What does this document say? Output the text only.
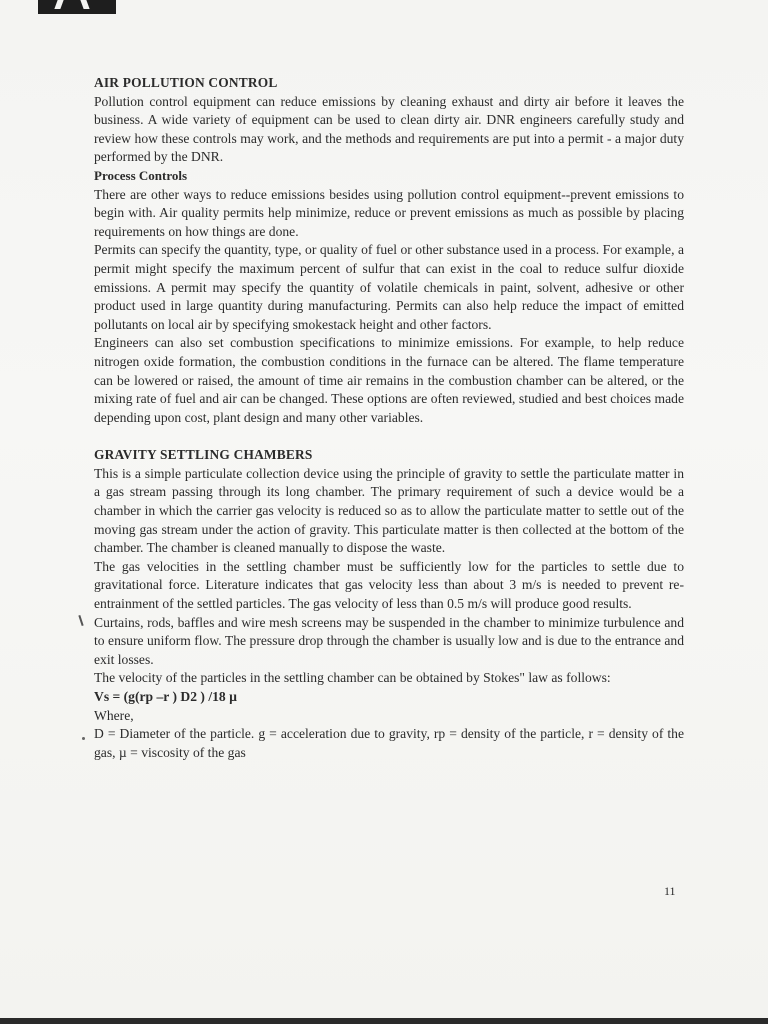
AIR POLLUTION CONTROL

Pollution control equipment can reduce emissions by cleaning exhaust and dirty air before it leaves the business. A wide variety of equipment can be used to clean dirty air. DNR engineers carefully study and review how these controls may work, and the methods and requirements are put into a permit - a major duty performed by the DNR.

Process Controls

There are other ways to reduce emissions besides using pollution control equipment--prevent emissions to begin with. Air quality permits help minimize, reduce or prevent emissions as much as possible by placing requirements on how things are done.

Permits can specify the quantity, type, or quality of fuel or other substance used in a process. For example, a permit might specify the maximum percent of sulfur that can exist in the coal to reduce sulfur dioxide emissions. A permit may specify the quantity of volatile chemicals in paint, solvent, adhesive or other product used in large quantity during manufacturing. Permits can also help reduce the impact of emitted pollutants on local air by specifying smokestack height and other factors.

Engineers can also set combustion specifications to minimize emissions. For example, to help reduce nitrogen oxide formation, the combustion conditions in the furnace can be altered. The flame temperature can be lowered or raised, the amount of time air remains in the combustion chamber can be altered, or the mixing rate of fuel and air can be changed. These options are often reviewed, studied and best choices made depending upon cost, plant design and many other variables.

GRAVITY SETTLING CHAMBERS

This is a simple particulate collection device using the principle of gravity to settle the particulate matter in a gas stream passing through its long chamber. The primary requirement of such a device would be a chamber in which the carrier gas velocity is reduced so as to allow the particulate matter to settle out of the moving gas stream under the action of gravity. This particulate matter is then collected at the bottom of the chamber. The chamber is cleaned manually to dispose the waste.

The gas velocities in the settling chamber must be sufficiently low for the particles to settle due to gravitational force. Literature indicates that gas velocity less than about 3 m/s is needed to prevent re-entrainment of the settled particles. The gas velocity of less than 0.5 m/s will produce good results.

Curtains, rods, baffles and wire mesh screens may be suspended in the chamber to minimize turbulence and to ensure uniform flow. The pressure drop through the chamber is usually low and is due to the entrance and exit losses.

The velocity of the particles in the settling chamber can be obtained by Stokes" law as follows:

Vs = (g(rp –r ) D2 ) /18 µ
Where,

D = Diameter of the particle. g = acceleration due to gravity, rp = density of the particle, r = density of the gas, µ = viscosity of the gas

11
